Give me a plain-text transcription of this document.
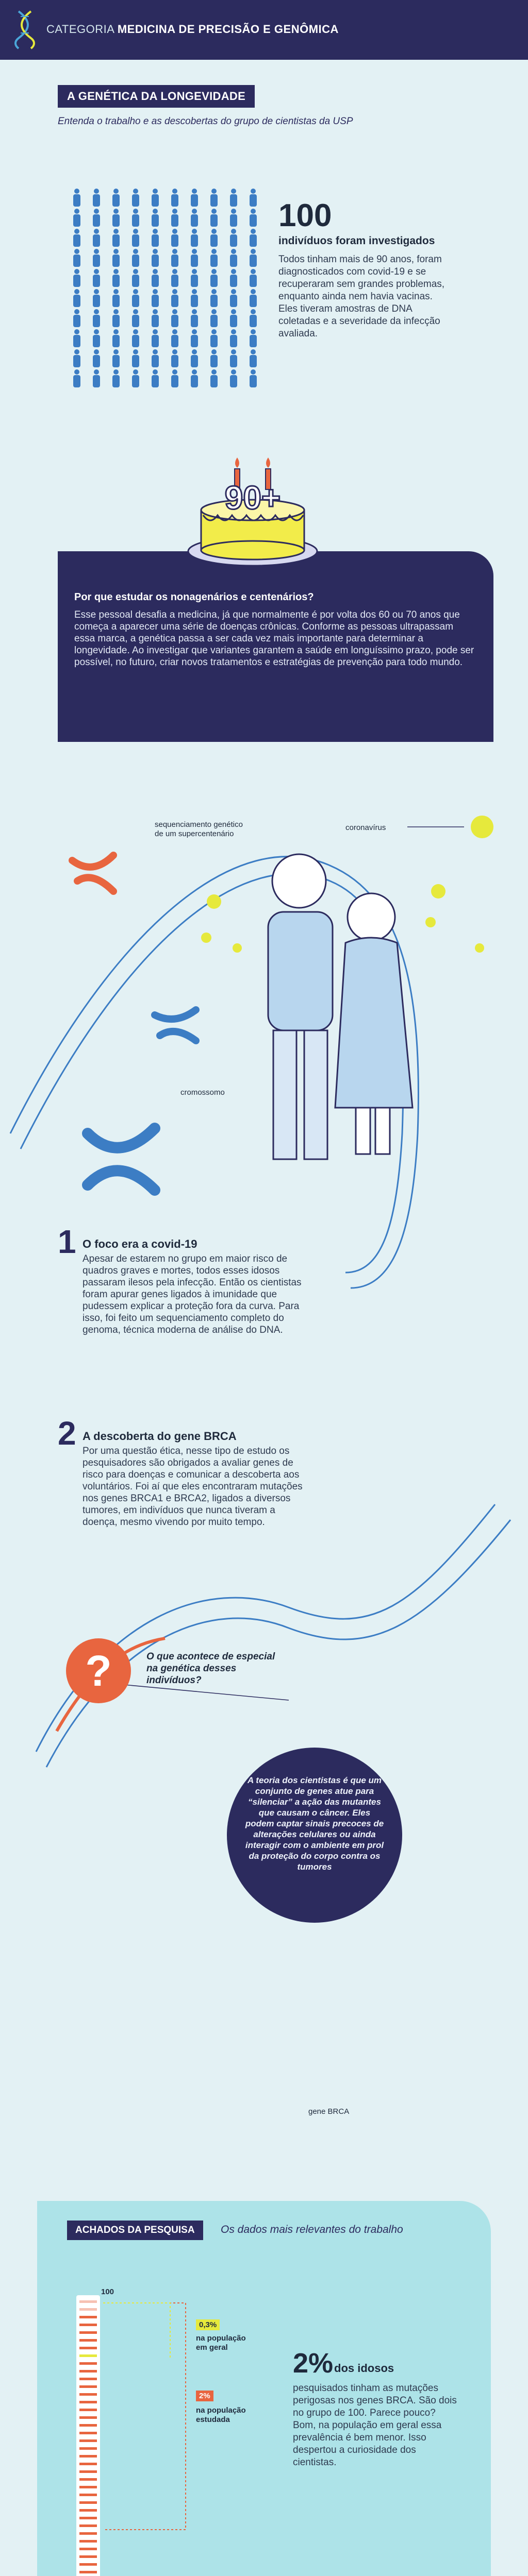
CATEGORIA MEDICINA DE PRECISÃO E GENÔMICA
A GENÉTICA DA LONGEVIDADE
Entenda o trabalho e as descobertas do grupo de cientistas da USP
100
indivíduos foram investigados
Todos tinham mais de 90 anos, foram diagnosticados com covid-19 e se recuperaram sem grandes problemas, enquanto ainda nem havia vacinas. Eles tiveram amostras de DNA coletadas e a severidade da infecção avaliada.
Por que estudar os nonagenários e centenários?
Esse pessoal desafia a medicina, já que normalmente é por volta dos 60 ou 70 anos que começa a aparecer uma série de doenças crônicas. Conforme as pessoas ultrapassam essa marca, a genética passa a ser cada vez mais importante para determinar a longevidade. Ao investigar que variantes garantem a saúde em longuíssimo prazo, pode ser possível, no futuro, criar novos tratamentos e estratégias de prevenção para todo mundo.
90+
sequenciamento genético de um supercentenário
coronavírus
cromossomo
gene BRCA
1 O foco era a covid-19
Apesar de estarem no grupo em maior risco de quadros graves e mortes, todos esses idosos passaram ilesos pela infecção. Então os cientistas foram apurar genes ligados à imunidade que pudessem explicar a proteção fora da curva. Para isso, foi feito um sequenciamento completo do genoma, técnica moderna de análise do DNA.
2 A descoberta do gene BRCA
Por uma questão ética, nesse tipo de estudo os pesquisadores são obrigados a avaliar genes de risco para doenças e comunicar a descoberta aos voluntários. Foi aí que eles encontraram mutações nos genes BRCA1 e BRCA2, ligados a diversos tumores, em indivíduos que nunca tiveram a doença, mesmo vivendo por muito tempo.
?	O que acontece de especial na genética desses indivíduos?
A teoria dos cientistas é que um conjunto de genes atue para “silenciar” a ação das mutantes que causam o câncer. Eles podem captar sinais precoces de alterações celulares ou ainda interagir com o ambiente em prol da proteção do corpo contra os tumores
ACHADOS DA PESQUISA	Os dados mais relevantes do trabalho
100
0,3%
na população em geral
2%
na população estudada
2% dos idosos
pesquisados tinham as mutações perigosas nos genes BRCA. São dois no grupo de 100. Parece pouco? Bom, na população em geral essa prevalência é bem menor. Isso despertou a curiosidade dos cientistas.
